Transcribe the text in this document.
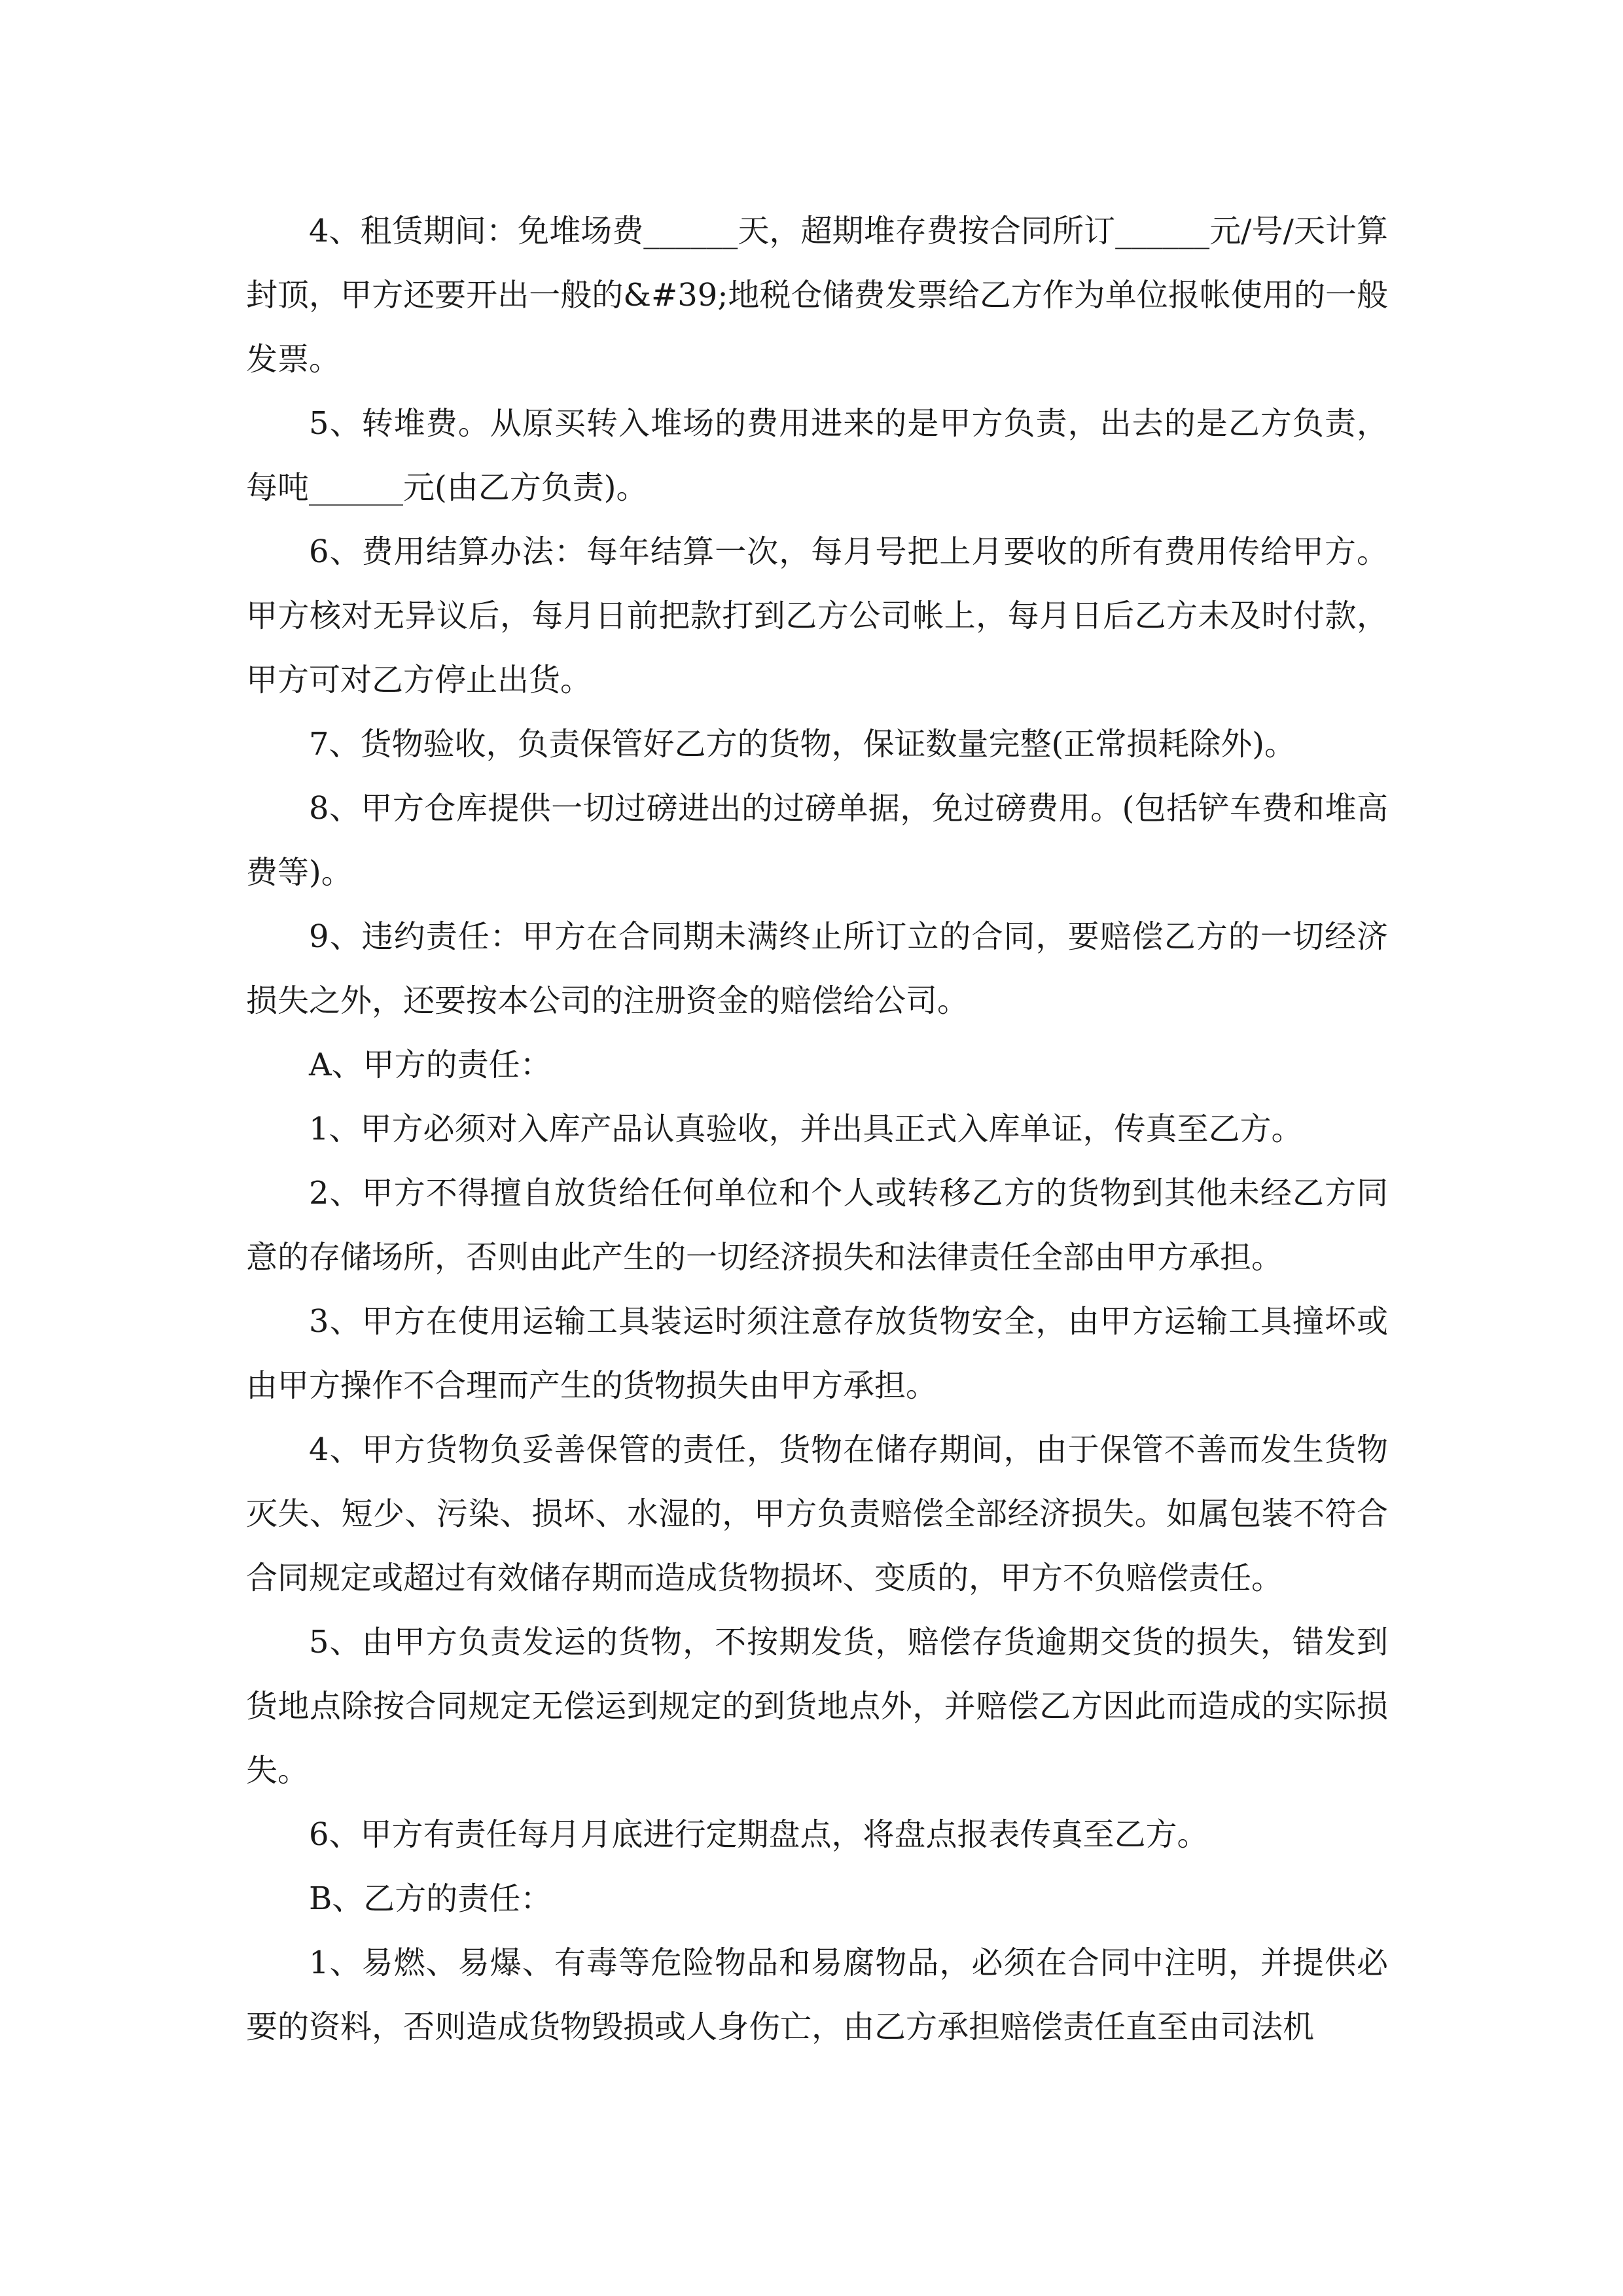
4、租赁期间：免堆场费______天，超期堆存费按合同所订______元/号/天计算封顶，甲方还要开出一般的&#39;地税仓储费发票给乙方作为单位报帐使用的一般发票。

5、转堆费。从原买转入堆场的费用进来的是甲方负责，出去的是乙方负责，每吨______元(由乙方负责)。

6、费用结算办法：每年结算一次，每月号把上月要收的所有费用传给甲方。甲方核对无异议后，每月日前把款打到乙方公司帐上，每月日后乙方未及时付款，甲方可对乙方停止出货。

7、货物验收，负责保管好乙方的货物，保证数量完整(正常损耗除外)。

8、甲方仓库提供一切过磅进出的过磅单据，免过磅费用。(包括铲车费和堆高费等)。

9、违约责任：甲方在合同期未满终止所订立的合同，要赔偿乙方的一切经济损失之外，还要按本公司的注册资金的赔偿给公司。

A、甲方的责任：

1、甲方必须对入库产品认真验收，并出具正式入库单证，传真至乙方。

2、甲方不得擅自放货给任何单位和个人或转移乙方的货物到其他未经乙方同意的存储场所，否则由此产生的一切经济损失和法律责任全部由甲方承担。

3、甲方在使用运输工具装运时须注意存放货物安全，由甲方运输工具撞坏或由甲方操作不合理而产生的货物损失由甲方承担。

4、甲方货物负妥善保管的责任，货物在储存期间，由于保管不善而发生货物灭失、短少、污染、损坏、水湿的，甲方负责赔偿全部经济损失。如属包装不符合合同规定或超过有效储存期而造成货物损坏、变质的，甲方不负赔偿责任。

5、由甲方负责发运的货物，不按期发货，赔偿存货逾期交货的损失，错发到货地点除按合同规定无偿运到规定的到货地点外，并赔偿乙方因此而造成的实际损失。

6、甲方有责任每月月底进行定期盘点，将盘点报表传真至乙方。

B、乙方的责任：

1、易燃、易爆、有毒等危险物品和易腐物品，必须在合同中注明，并提供必要的资料，否则造成货物毁损或人身伤亡，由乙方承担赔偿责任直至由司法机
